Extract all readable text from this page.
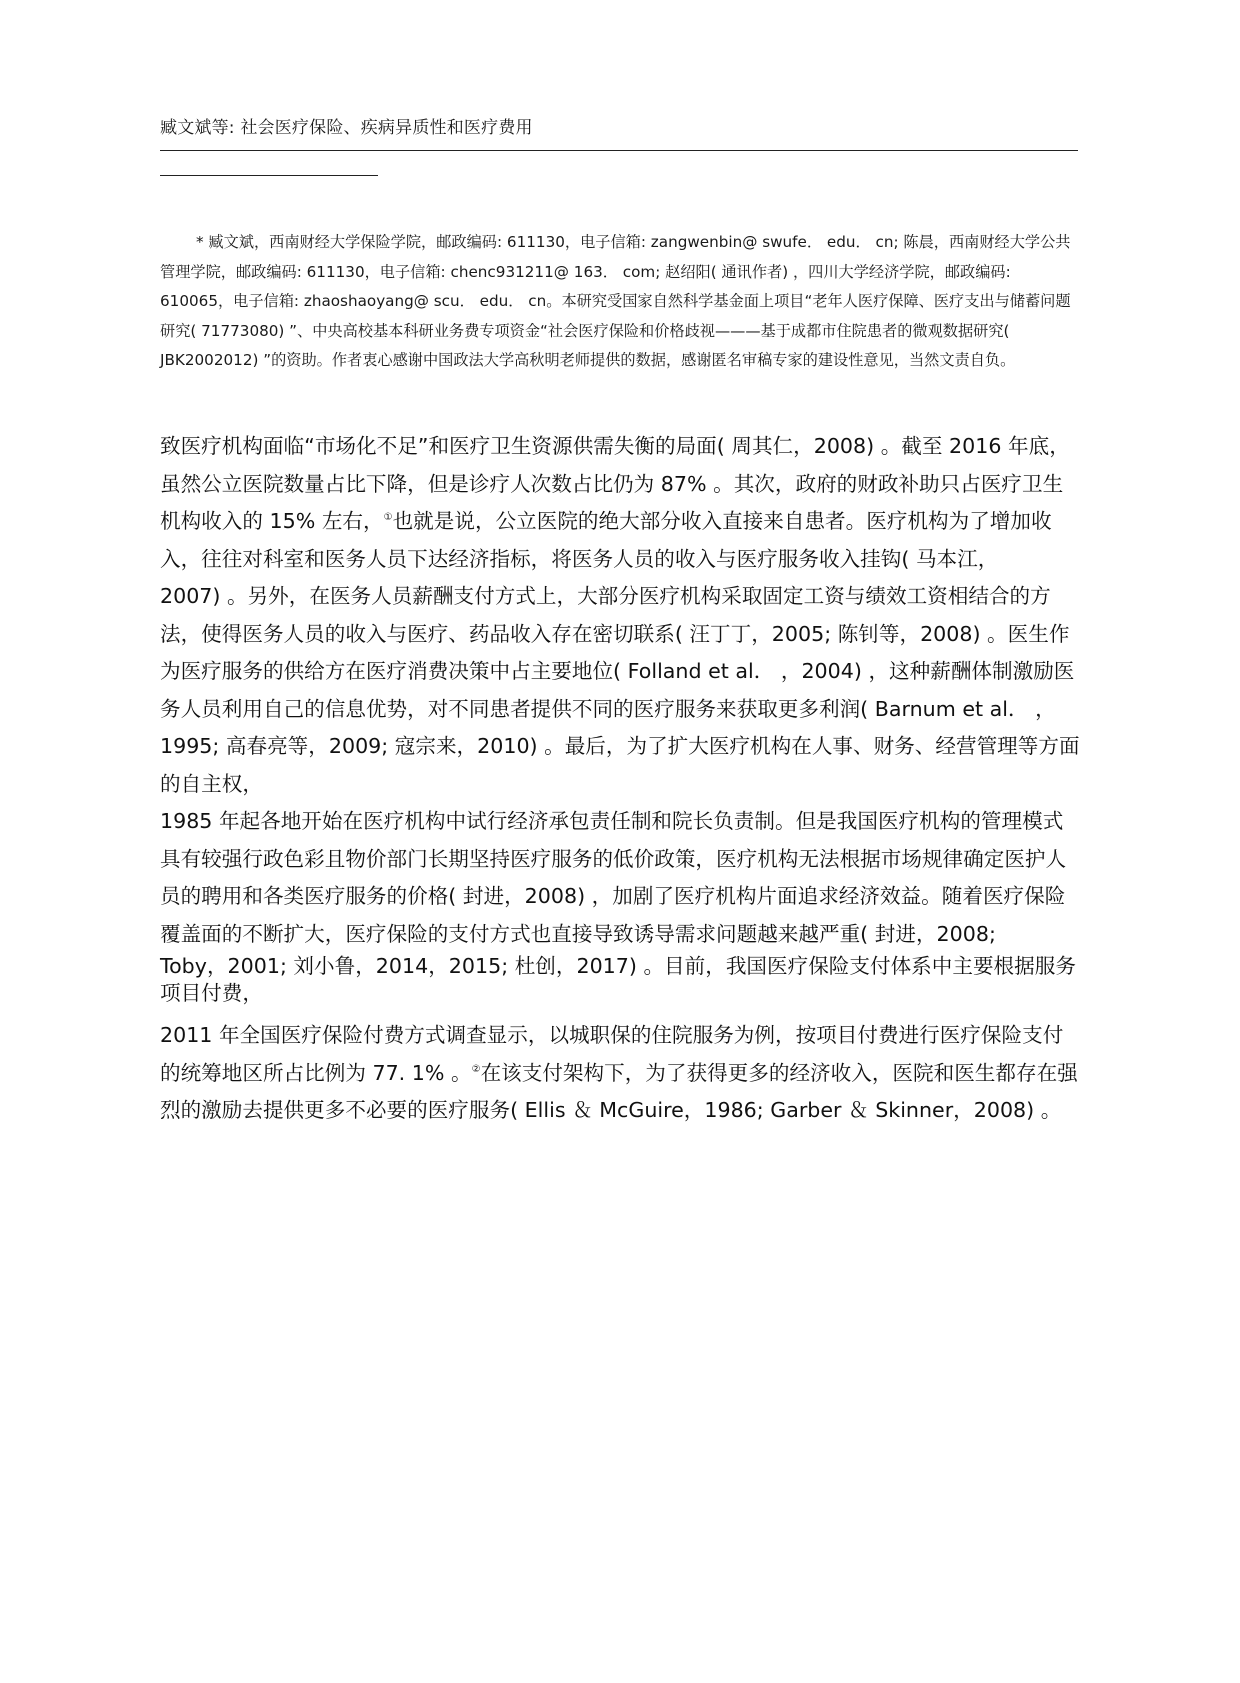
臧文斌等: 社会医疗保险、疾病异质性和医疗费用

* 臧文斌，西南财经大学保险学院，邮政编码: 611130，电子信箱: zangwenbin@ swufe． edu． cn; 陈晨，西南财经大学公共管理学院，邮政编码: 611130，电子信箱: chenc931211@ 163． com; 赵绍阳( 通讯作者) ，四川大学经济学院，邮政编码: 610065，电子信箱: zhaoshaoyang@ scu． edu． cn。本研究受国家自然科学基金面上项目“老年人医疗保障、医疗支出与储蓄问题研究( 71773080) ”、中央高校基本科研业务费专项资金“社会医疗保险和价格歧视———基于成都市住院患者的微观数据研究( JBK2002012) ”的资助。作者衷心感谢中国政法大学高秋明老师提供的数据，感谢匿名审稿专家的建设性意见，当然文责自负。

致医疗机构面临“市场化不足”和医疗卫生资源供需失衡的局面( 周其仁，2008) 。截至 2016 年底，虽然公立医院数量占比下降，但是诊疗人次数占比仍为 87% 。其次，政府的财政补助只占医疗卫生机构收入的 15% 左右，①也就是说，公立医院的绝大部分收入直接来自患者。医疗机构为了增加收入，往往对科室和医务人员下达经济指标，将医务人员的收入与医疗服务收入挂钩( 马本江，

2007) 。另外，在医务人员薪酬支付方式上，大部分医疗机构采取固定工资与绩效工资相结合的方法，使得医务人员的收入与医疗、药品收入存在密切联系( 汪丁丁，2005; 陈钊等，2008) 。医生作为医疗服务的供给方在医疗消费决策中占主要地位( Folland et al． ，2004) ，这种薪酬体制激励医务人员利用自己的信息优势，对不同患者提供不同的医疗服务来获取更多利润( Barnum et al． ，1995; 高春亮等，2009; 寇宗来，2010) 。最后，为了扩大医疗机构在人事、财务、经营管理等方面的自主权，

1985 年起各地开始在医疗机构中试行经济承包责任制和院长负责制。但是我国医疗机构的管理模式具有较强行政色彩且物价部门长期坚持医疗服务的低价政策，医疗机构无法根据市场规律确定医护人员的聘用和各类医疗服务的价格( 封进，2008) ，加剧了医疗机构片面追求经济效益。随着医疗保险覆盖面的不断扩大，医疗保险的支付方式也直接导致诱导需求问题越来越严重( 封进，2008;

Toby，2001; 刘小鲁，2014，2015; 杜创，2017) 。目前，我国医疗保险支付体系中主要根据服务项目付费，

2011 年全国医疗保险付费方式调查显示，以城职保的住院服务为例，按项目付费进行医疗保险支付的统筹地区所占比例为 77. 1% 。②在该支付架构下，为了获得更多的经济收入，医院和医生都存在强烈的激励去提供更多不必要的医疗服务( Ellis ＆ McGuire，1986; Garber ＆ Skinner，2008) 。
